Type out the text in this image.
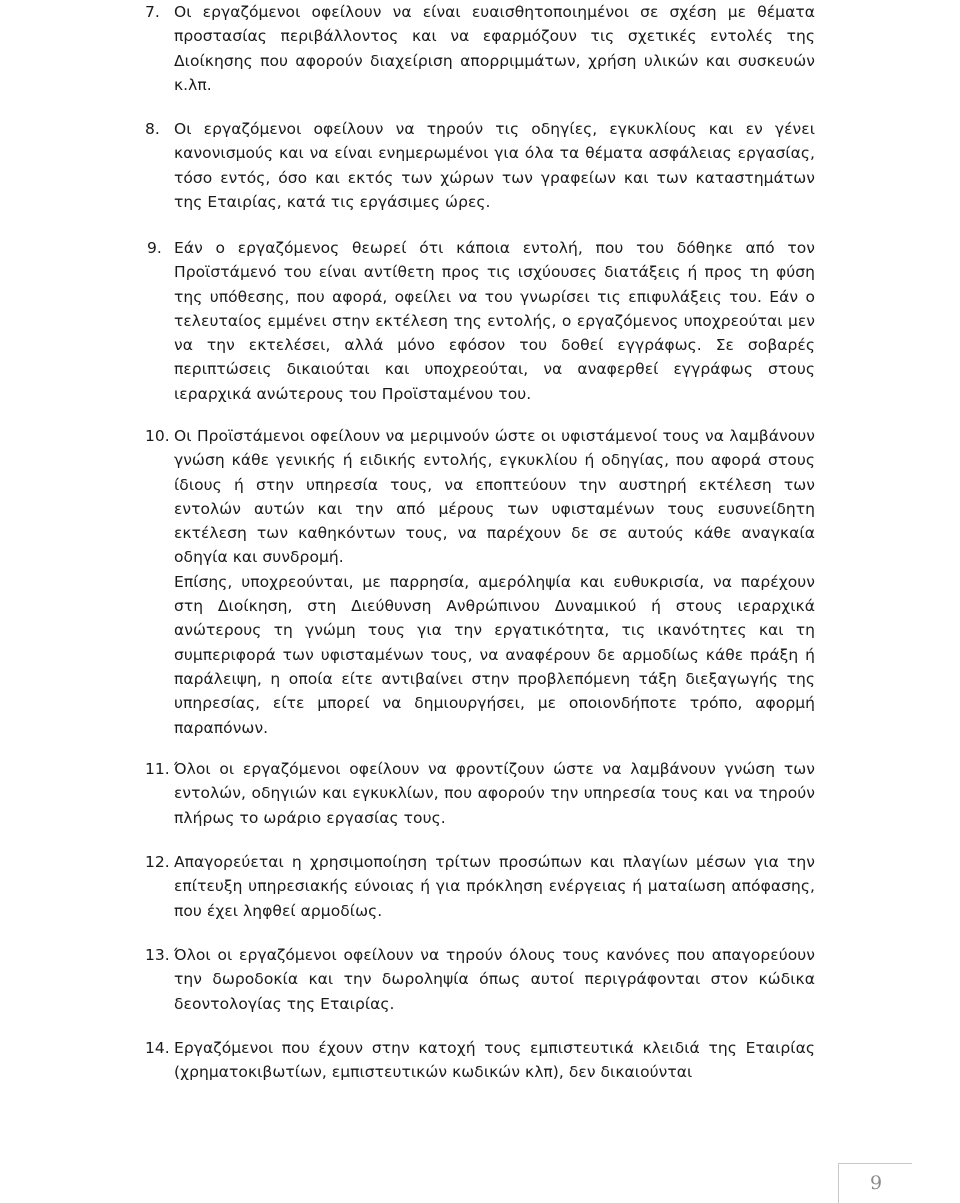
7. Οι εργαζόμενοι οφείλουν να είναι ευαισθητοποιημένοι σε σχέση με θέματα προστασίας περιβάλλοντος και να εφαρμόζουν τις σχετικές εντολές της Διοίκησης που αφορούν διαχείριση απορριμμάτων, χρήση υλικών και συσκευών κ.λπ.

8. Οι εργαζόμενοι οφείλουν να τηρούν τις οδηγίες, εγκυκλίους και εν γένει κανονισμούς και να είναι ενημερωμένοι για όλα τα θέματα ασφάλειας εργασίας, τόσο εντός, όσο και εκτός των χώρων των γραφείων και των καταστημάτων της Εταιρίας, κατά τις εργάσιμες ώρες.

9. Εάν ο εργαζόμενος θεωρεί ότι κάποια εντολή, που του δόθηκε από τον Προϊστάμενό του είναι αντίθετη προς τις ισχύουσες διατάξεις ή προς τη φύση της υπόθεσης, που αφορά, οφείλει να του γνωρίσει τις επιφυλάξεις του. Εάν ο τελευταίος εμμένει στην εκτέλεση της εντολής, ο εργαζόμενος υποχρεούται μεν να την εκτελέσει, αλλά μόνο εφόσον του δοθεί εγγράφως. Σε σοβαρές περιπτώσεις δικαιούται και υποχρεούται, να αναφερθεί εγγράφως στους ιεραρχικά ανώτερους του Προϊσταμένου του.

10. Οι Προϊστάμενοι οφείλουν να μεριμνούν ώστε οι υφιστάμενοί τους να λαμβάνουν γνώση κάθε γενικής ή ειδικής εντολής, εγκυκλίου ή οδηγίας, που αφορά στους ίδιους ή στην υπηρεσία τους, να εποπτεύουν την αυστηρή εκτέλεση των εντολών αυτών και την από μέρους των υφισταμένων τους ευσυνείδητη εκτέλεση των καθηκόντων τους, να παρέχουν δε σε αυτούς κάθε αναγκαία οδηγία και συνδρομή.

Επίσης, υποχρεούνται, με παρρησία, αμερόληψία και ευθυκρισία, να παρέχουν στη Διοίκηση, στη Διεύθυνση Ανθρώπινου Δυναμικού ή στους ιεραρχικά ανώτερους τη γνώμη τους για την εργατικότητα, τις ικανότητες και τη συμπεριφορά των υφισταμένων τους, να αναφέρουν δε αρμοδίως κάθε πράξη ή παράλειψη, η οποία είτε αντιβαίνει στην προβλεπόμενη τάξη διεξαγωγής της υπηρεσίας, είτε μπορεί να δημιουργήσει, με οποιονδήποτε τρόπο, αφορμή παραπόνων.

11. Όλοι οι εργαζόμενοι οφείλουν να φροντίζουν ώστε να λαμβάνουν γνώση των εντολών, οδηγιών και εγκυκλίων, που αφορούν την υπηρεσία τους και να τηρούν πλήρως το ωράριο εργασίας τους.

12. Απαγορεύεται η χρησιμοποίηση τρίτων προσώπων και πλαγίων μέσων για την επίτευξη υπηρεσιακής εύνοιας ή για πρόκληση ενέργειας ή ματαίωση απόφασης, που έχει ληφθεί αρμοδίως.

13. Όλοι οι εργαζόμενοι οφείλουν να τηρούν όλους τους κανόνες που απαγορεύουν την δωροδοκία και την δωροληψία όπως αυτοί περιγράφονται στον κώδικα δεοντολογίας της Εταιρίας.

14. Εργαζόμενοι που έχουν στην κατοχή τους εμπιστευτικά κλειδιά της Εταιρίας (χρηματοκιβωτίων, εμπιστευτικών κωδικών κλπ), δεν δικαιούνται

9
